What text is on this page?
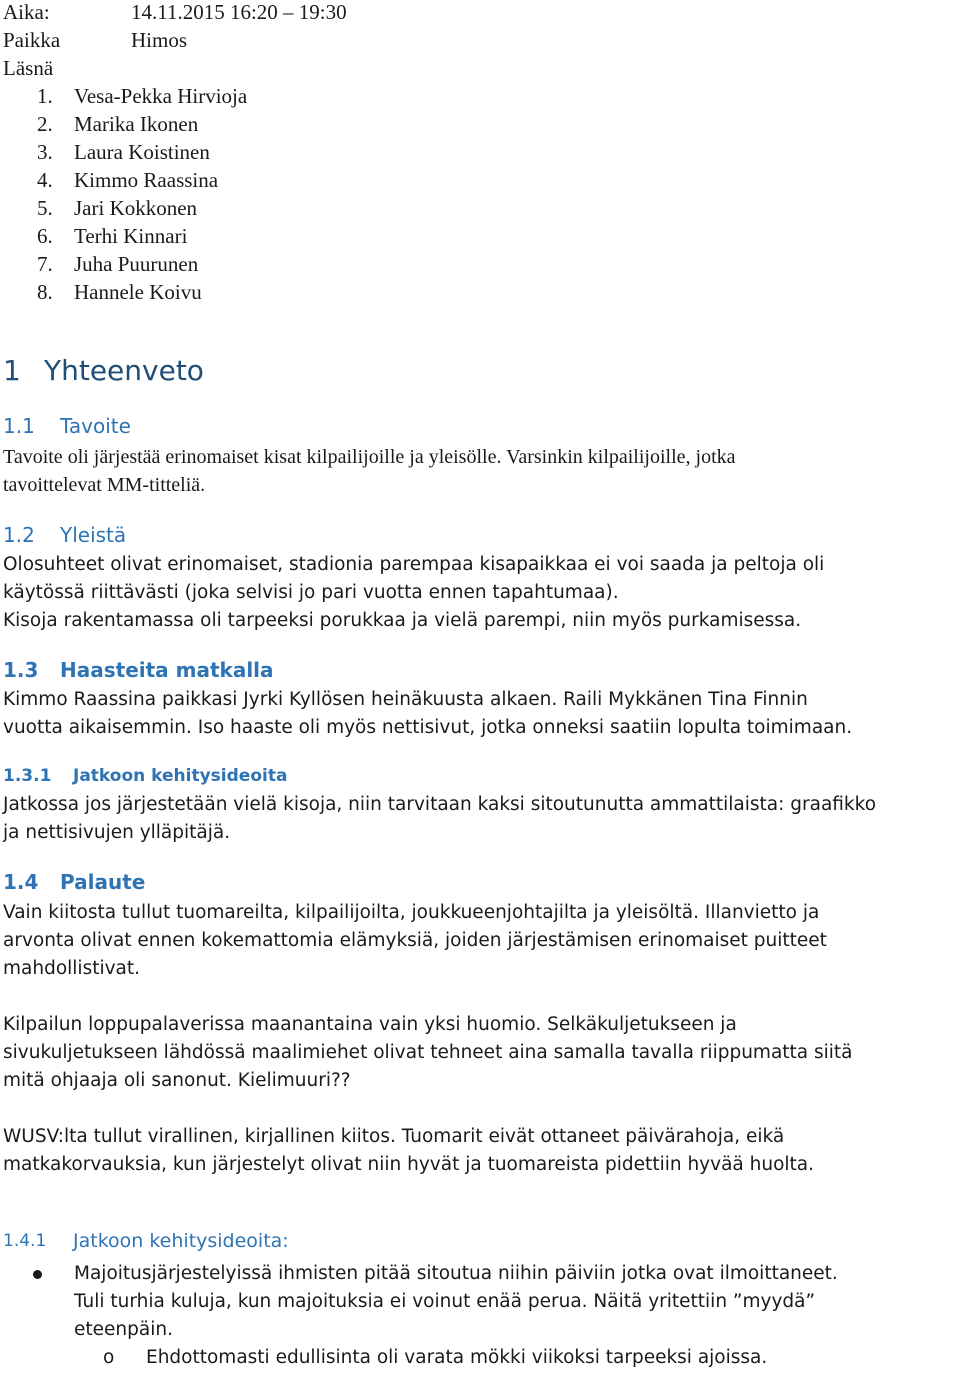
Aika:	14.11.2015 16:20 – 19:30
Paikka	Himos
Läsnä
1. Vesa-Pekka Hirvioja
2. Marika Ikonen
3. Laura Koistinen
4. Kimmo Raassina
5. Jari Kokkonen
6. Terhi Kinnari
7. Juha Puurunen
8. Hannele Koivu
1 Yhteenveto
1.1 Tavoite
Tavoite oli järjestää erinomaiset kisat kilpailijoille ja yleisölle. Varsinkin kilpailijoille, jotka
tavoittelevat MM-titteliä.
1.2 Yleistä
Olosuhteet olivat erinomaiset, stadionia parempaa kisapaikkaa ei voi saada ja peltoja oli
käytössä riittävästi (joka selvisi jo pari vuotta ennen tapahtumaa).
Kisoja rakentamassa oli tarpeeksi porukkaa ja vielä parempi, niin myös purkamisessa.
1.3 Haasteita matkalla
Kimmo Raassina paikkasi Jyrki Kyllösen heinäkuusta alkaen. Raili Mykkänen Tina Finnin
vuotta aikaisemmin. Iso haaste oli myös nettisivut, jotka onneksi saatiin lopulta toimimaan.
1.3.1 Jatkoon kehitysideoita
Jatkossa jos järjestetään vielä kisoja, niin tarvitaan kaksi sitoutunutta ammattilaista: graafikko
ja nettisivujen ylläpitäjä.
1.4 Palaute
Vain kiitosta tullut tuomareilta, kilpailijoilta, joukkueenjohtajilta ja yleisöltä. Illanvietto ja
arvonta olivat ennen kokemattomia elämyksiä, joiden järjestämisen erinomaiset puitteet
mahdollistivat.
Kilpailun loppupalaverissa maanantaina vain yksi huomio. Selkäkuljetukseen ja
sivukuljetukseen lähdössä maalimiehet olivat tehneet aina samalla tavalla riippumatta siitä
mitä ohjaaja oli sanonut. Kielimuuri??
WUSV:lta tullut virallinen, kirjallinen kiitos. Tuomarit eivät ottaneet päivärahoja, eikä
matkakorvauksia, kun järjestelyt olivat niin hyvät ja tuomareista pidettiin hyvää huolta.
1.4.1 Jatkoon kehitysideoita:
Majoitusjärjestelyissä ihmisten pitää sitoutua niihin päiviin jotka ovat ilmoittaneet.
Tuli turhia kuluja, kun majoituksia ei voinut enää perua. Näitä yritettiin ”myydä”
eteenpäin.
o Ehdottomasti edullisinta oli varata mökki viikoksi tarpeeksi ajoissa.
